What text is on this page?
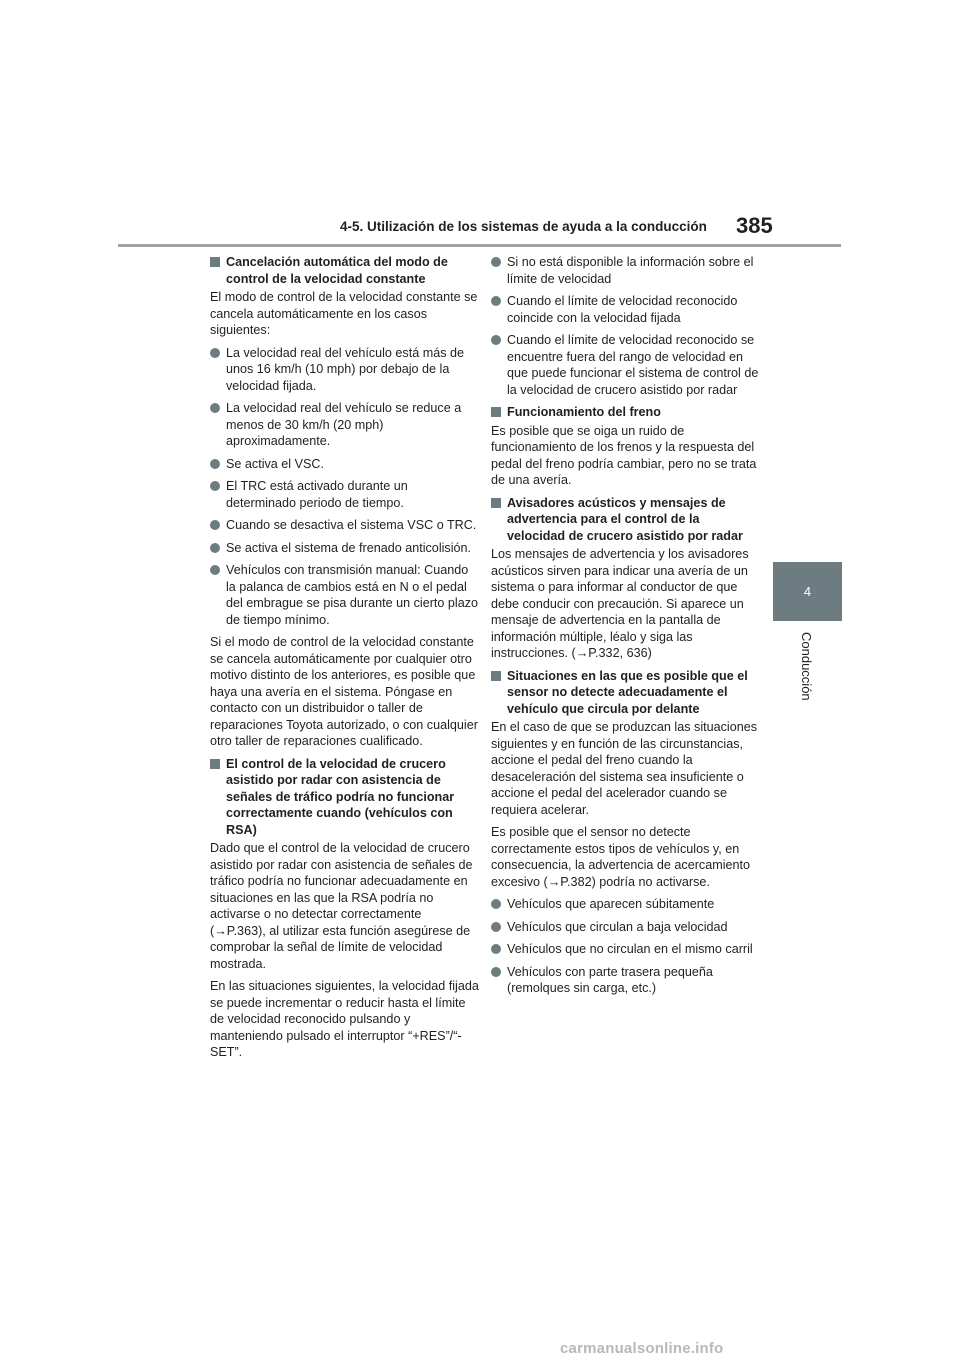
4-5. Utilización de los sistemas de ayuda a la conducción 385
4
Conducción
Cancelación automática del modo de control de la velocidad constante
El modo de control de la velocidad constante se cancela automáticamente en los casos siguientes:
La velocidad real del vehículo está más de unos 16 km/h (10 mph) por debajo de la velocidad fijada.
La velocidad real del vehículo se reduce a menos de 30 km/h (20 mph) aproximadamente.
Se activa el VSC.
El TRC está activado durante un determinado periodo de tiempo.
Cuando se desactiva el sistema VSC o TRC.
Se activa el sistema de frenado anticolisión.
Vehículos con transmisión manual: Cuando la palanca de cambios está en N o el pedal del embrague se pisa durante un cierto plazo de tiempo mínimo.
Si el modo de control de la velocidad constante se cancela automáticamente por cualquier otro motivo distinto de los anteriores, es posible que haya una avería en el sistema. Póngase en contacto con un distribuidor o taller de reparaciones Toyota autorizado, o con cualquier otro taller de reparaciones cualificado.
El control de la velocidad de crucero asistido por radar con asistencia de señales de tráfico podría no funcionar correctamente cuando (vehículos con RSA)
Dado que el control de la velocidad de crucero asistido por radar con asistencia de señales de tráfico podría no funcionar adecuadamente en situaciones en las que la RSA podría no activarse o no detectar correctamente (→P.363), al utilizar esta función asegúrese de comprobar la señal de límite de velocidad mostrada.
En las situaciones siguientes, la velocidad fijada se puede incrementar o reducir hasta el límite de velocidad reconocido pulsando y manteniendo pulsado el interruptor “+RES”/“-SET”.
Si no está disponible la información sobre el límite de velocidad
Cuando el límite de velocidad reconocido coincide con la velocidad fijada
Cuando el límite de velocidad reconocido se encuentre fuera del rango de velocidad en que puede funcionar el sistema de control de la velocidad de crucero asistido por radar
Funcionamiento del freno
Es posible que se oiga un ruido de funcionamiento de los frenos y la respuesta del pedal del freno podría cambiar, pero no se trata de una avería.
Avisadores acústicos y mensajes de advertencia para el control de la velocidad de crucero asistido por radar
Los mensajes de advertencia y los avisadores acústicos sirven para indicar una avería de un sistema o para informar al conductor de que debe conducir con precaución. Si aparece un mensaje de advertencia en la pantalla de información múltiple, léalo y siga las instrucciones. (→P.332, 636)
Situaciones en las que es posible que el sensor no detecte adecuadamente el vehículo que circula por delante
En el caso de que se produzcan las situaciones siguientes y en función de las circunstancias, accione el pedal del freno cuando la desaceleración del sistema sea insuficiente o accione el pedal del acelerador cuando se requiera acelerar.
Es posible que el sensor no detecte correctamente estos tipos de vehículos y, en consecuencia, la advertencia de acercamiento excesivo (→P.382) podría no activarse.
Vehículos que aparecen súbitamente
Vehículos que circulan a baja velocidad
Vehículos que no circulan en el mismo carril
Vehículos con parte trasera pequeña (remolques sin carga, etc.)
carmanualsonline.info
